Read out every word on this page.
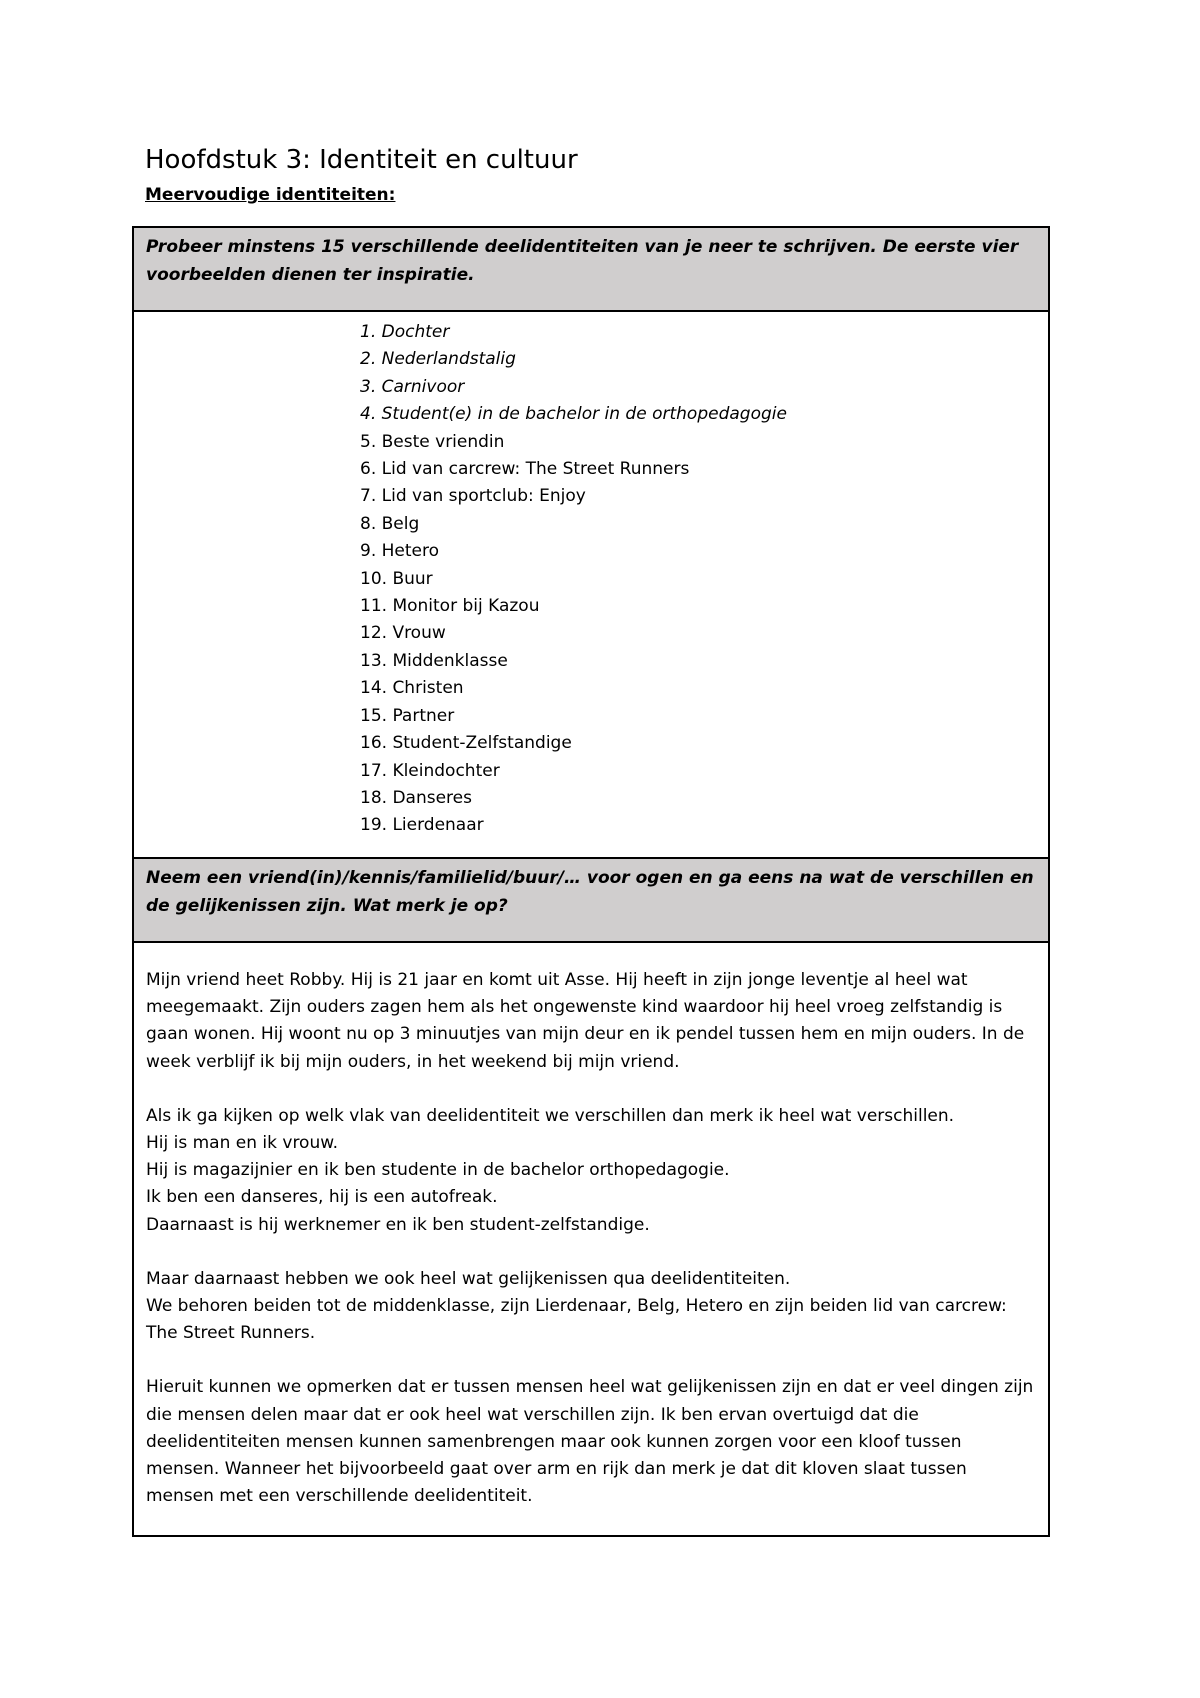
Hoofdstuk 3: Identiteit en cultuur
Meervoudige identiteiten:
Probeer minstens 15 verschillende deelidentiteiten van je neer te schrijven. De eerste vier voorbeelden dienen ter inspiratie.
1. Dochter
2. Nederlandstalig
3. Carnivoor
4. Student(e) in de bachelor in de orthopedagogie
5. Beste vriendin
6. Lid van carcrew: The Street Runners
7. Lid van sportclub: Enjoy
8. Belg
9. Hetero
10. Buur
11. Monitor bij Kazou
12. Vrouw
13. Middenklasse
14. Christen
15. Partner
16. Student-Zelfstandige
17. Kleindochter
18. Danseres
19. Lierdenaar
Neem een vriend(in)/kennis/familielid/buur/… voor ogen en ga eens na wat de verschillen en de gelijkenissen zijn. Wat merk je op?

Mijn vriend heet Robby. Hij is 21 jaar en komt uit Asse. Hij heeft in zijn jonge leventje al heel wat meegemaakt. Zijn ouders zagen hem als het ongewenste kind waardoor hij heel vroeg zelfstandig is gaan wonen. Hij woont nu op 3 minuutjes van mijn deur en ik pendel tussen hem en mijn ouders. In de week verblijf ik bij mijn ouders, in het weekend bij mijn vriend.

Als ik ga kijken op welk vlak van deelidentiteit we verschillen dan merk ik heel wat verschillen.
Hij is man en ik vrouw.
Hij is magazijnier en ik ben studente in de bachelor orthopedagogie.
Ik ben een danseres, hij is een autofreak.
Daarnaast is hij werknemer en ik ben student-zelfstandige.

Maar daarnaast hebben we ook heel wat gelijkenissen qua deelidentiteiten.
We behoren beiden tot de middenklasse, zijn Lierdenaar, Belg, Hetero en zijn beiden lid van carcrew: The Street Runners.

Hieruit kunnen we opmerken dat er tussen mensen heel wat gelijkenissen zijn en dat er veel dingen zijn die mensen delen maar dat er ook heel wat verschillen zijn. Ik ben ervan overtuigd dat die deelidentiteiten mensen kunnen samenbrengen maar ook kunnen zorgen voor een kloof tussen mensen. Wanneer het bijvoorbeeld gaat over arm en rijk dan merk je dat dit kloven slaat tussen mensen met een verschillende deelidentiteit.
